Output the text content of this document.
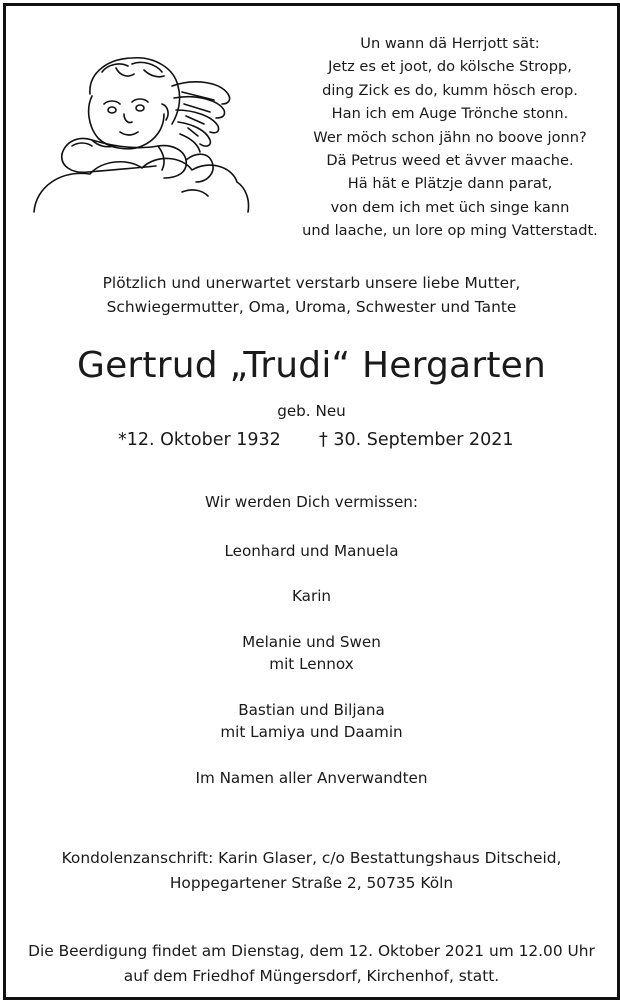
Un wann dä Herrjott sät:
Jetz es et joot, do kölsche Stropp,
ding Zick es do, kumm hösch erop.
Han ich em Auge Trönche stonn.
Wer möch schon jähn no boove jonn?
Dä Petrus weed et ävver maache.
Hä hät e Plätzje dann parat,
von dem ich met üch singe kann
und laache, un lore op ming Vatterstadt.
Plötzlich und unerwartet verstarb unsere liebe Mutter,
Schwiegermutter, Oma, Uroma, Schwester und Tante
Gertrud „Trudi“ Hergarten
geb. Neu
*12. Oktober 1932 † 30. September 2021
Wir werden Dich vermissen:
Leonhard und Manuela
Karin
Melanie und Swen
mit Lennox
Bastian und Biljana
mit Lamiya und Daamin
Im Namen aller Anverwandten
Kondolenzanschrift: Karin Glaser, c/o Bestattungshaus Ditscheid,
Hoppegartener Straße 2, 50735 Köln
Die Beerdigung findet am Dienstag, dem 12. Oktober 2021 um 12.00 Uhr
auf dem Friedhof Müngersdorf, Kirchenhof, statt.
